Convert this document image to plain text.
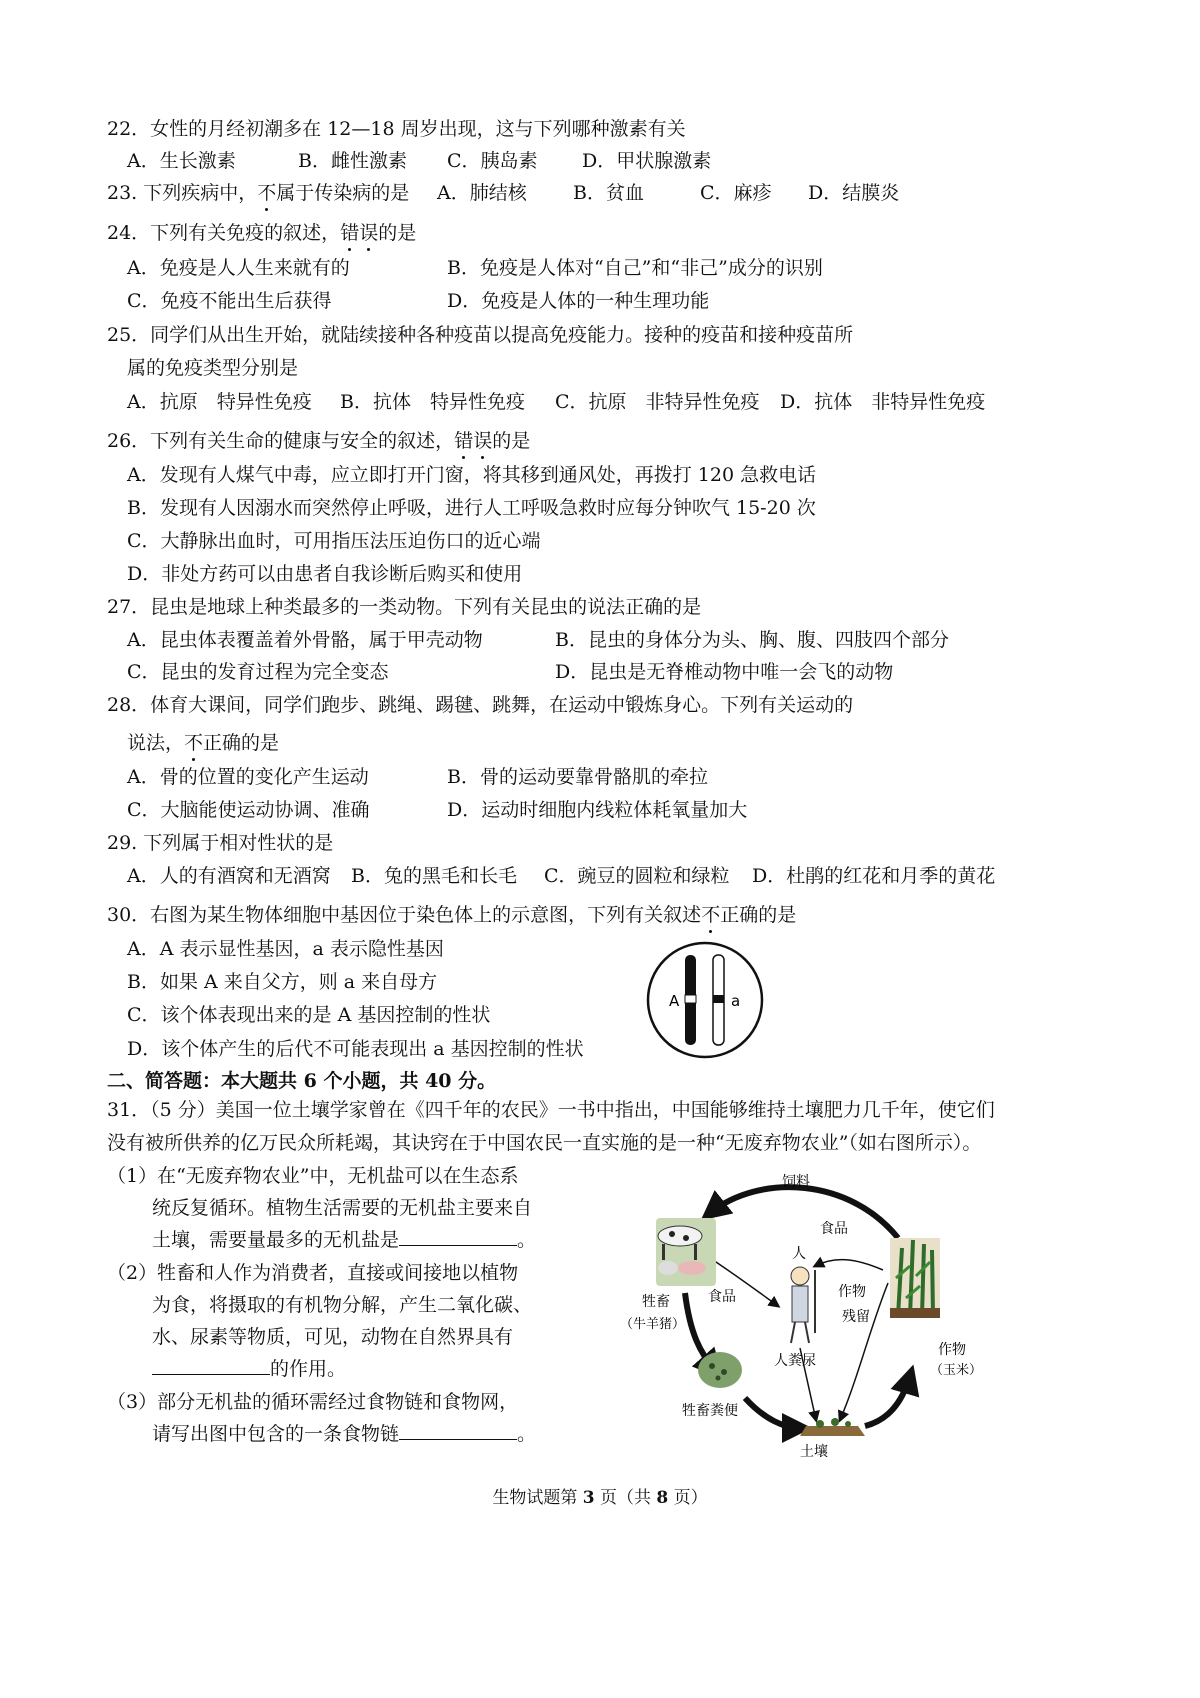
22．女性的月经初潮多在 12—18 周岁出现，这与下列哪种激素有关
A．生长激素	B．雌性激素 C．胰岛素 D．甲状腺激素
23. 下列疾病中，不属于传染病的是 A．肺结核 B．贫血	C．麻疹 D．结膜炎
24．下列有关免疫的叙述，错误的是
A．免疫是人人生来就有的	B．免疫是人体对“自己”和“非己”成分的识别
C．免疫不能出生后获得	D．免疫是人体的一种生理功能
25．同学们从出生开始，就陆续接种各种疫苗以提高免疫能力。接种的疫苗和接种疫苗所
属的免疫类型分别是
A．抗原　特异性免疫 B．抗体　特异性免疫 C．抗原　非特异性免疫 D．抗体　非特异性免疫
26．下列有关生命的健康与安全的叙述，错误的是
A．发现有人煤气中毒，应立即打开门窗，将其移到通风处，再拨打 120 急救电话
B．发现有人因溺水而突然停止呼吸，进行人工呼吸急救时应每分钟吹气 15-20 次
C．大静脉出血时，可用指压法压迫伤口的近心端
D．非处方药可以由患者自我诊断后购买和使用
27．昆虫是地球上种类最多的一类动物。下列有关昆虫的说法正确的是
A．昆虫体表覆盖着外骨骼，属于甲壳动物	B．昆虫的身体分为头、胸、腹、四肢四个部分
C．昆虫的发育过程为完全变态	D．昆虫是无脊椎动物中唯一会飞的动物
28．体育大课间，同学们跑步、跳绳、踢毽、跳舞，在运动中锻炼身心。下列有关运动的
说法，不正确的是
A．骨的位置的变化产生运动	B．骨的运动要靠骨骼肌的牵拉
C．大脑能使运动协调、准确	D．运动时细胞内线粒体耗氧量加大
29. 下列属于相对性状的是
A．人的有酒窝和无酒窝 B．兔的黑毛和长毛 C．豌豆的圆粒和绿粒 D．杜鹃的红花和月季的黄花
30．右图为某生物体细胞中基因位于染色体上的示意图，下列有关叙述不正确的是
A．A 表示显性基因，a 表示隐性基因
B．如果 A 来自父方，则 a 来自母方
C．该个体表现出来的是 A 基因控制的性状
D．该个体产生的后代不可能表现出 a 基因控制的性状
A	a
二、简答题：本大题共 6 个小题，共 40 分。
31．（5 分）美国一位土壤学家曾在《四千年的农民》一书中指出，中国能够维持土壤肥力几千年，使它们
没有被所供养的亿万民众所耗竭，其诀窍在于中国农民一直实施的是一种“无废弃物农业”（如右图所示）。
（1）在“无废弃物农业”中，无机盐可以在生态系
统反复循环。植物生活需要的无机盐主要来自
土壤，需要量最多的无机盐是	。
（2）牲畜和人作为消费者，直接或间接地以植物
为食，将摄取的有机物分解，产生二氧化碳、
水、尿素等物质，可见，动物在自然界具有
的作用。
（3）部分无机盐的循环需经过食物链和食物网，
请写出图中包含的一条食物链	。
饲料
食品
人
作物
残留
食品
牲畜
（牛羊猪）
人粪尿
作物
（玉米）
牲畜粪便
土壤
生物试题第 3 页（共 8 页）
